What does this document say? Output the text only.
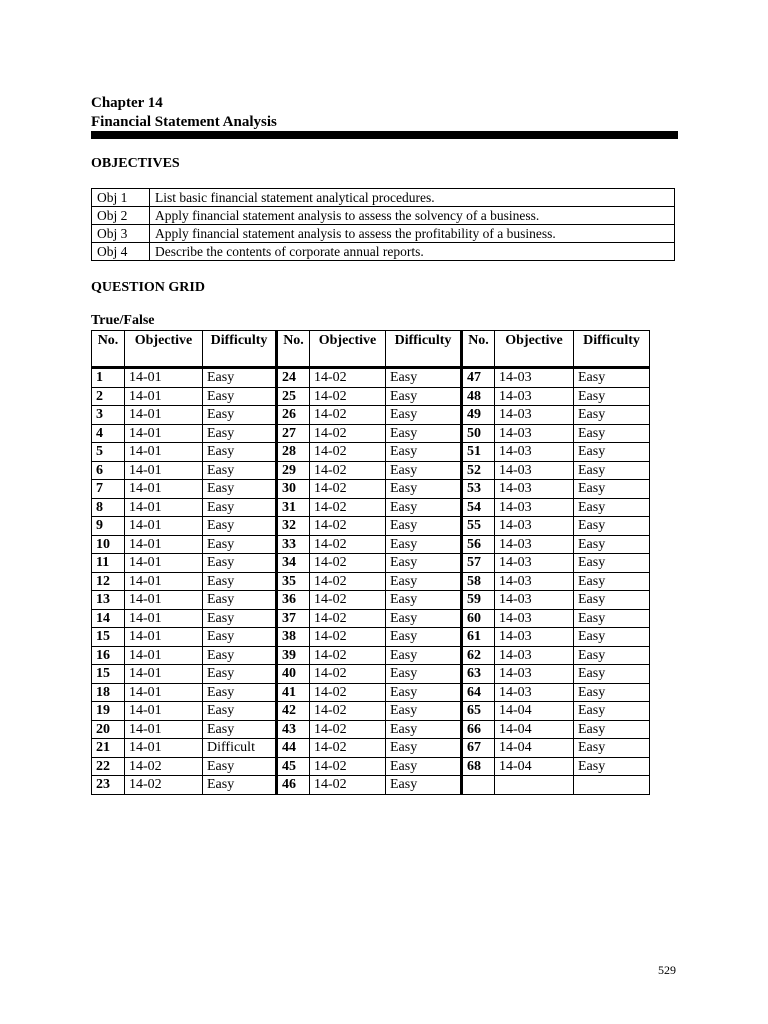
Chapter 14
Financial Statement Analysis
OBJECTIVES
Obj 1	List basic financial statement analytical procedures.
Obj 2	Apply financial statement analysis to assess the solvency of a business.
Obj 3	Apply financial statement analysis to assess the profitability of a business.
Obj 4	Describe the contents of corporate annual reports.
QUESTION GRID
True/False
No.	Objective	Difficulty	No.	Objective	Difficulty	No.	Objective	Difficulty
1	14-01	Easy	24	14-02	Easy	47	14-03	Easy
2	14-01	Easy	25	14-02	Easy	48	14-03	Easy
3	14-01	Easy	26	14-02	Easy	49	14-03	Easy
4	14-01	Easy	27	14-02	Easy	50	14-03	Easy
5	14-01	Easy	28	14-02	Easy	51	14-03	Easy
6	14-01	Easy	29	14-02	Easy	52	14-03	Easy
7	14-01	Easy	30	14-02	Easy	53	14-03	Easy
8	14-01	Easy	31	14-02	Easy	54	14-03	Easy
9	14-01	Easy	32	14-02	Easy	55	14-03	Easy
10	14-01	Easy	33	14-02	Easy	56	14-03	Easy
11	14-01	Easy	34	14-02	Easy	57	14-03	Easy
12	14-01	Easy	35	14-02	Easy	58	14-03	Easy
13	14-01	Easy	36	14-02	Easy	59	14-03	Easy
14	14-01	Easy	37	14-02	Easy	60	14-03	Easy
15	14-01	Easy	38	14-02	Easy	61	14-03	Easy
16	14-01	Easy	39	14-02	Easy	62	14-03	Easy
15	14-01	Easy	40	14-02	Easy	63	14-03	Easy
18	14-01	Easy	41	14-02	Easy	64	14-03	Easy
19	14-01	Easy	42	14-02	Easy	65	14-04	Easy
20	14-01	Easy	43	14-02	Easy	66	14-04	Easy
21	14-01	Difficult	44	14-02	Easy	67	14-04	Easy
22	14-02	Easy	45	14-02	Easy	68	14-04	Easy
23	14-02	Easy	46	14-02	Easy			
529
